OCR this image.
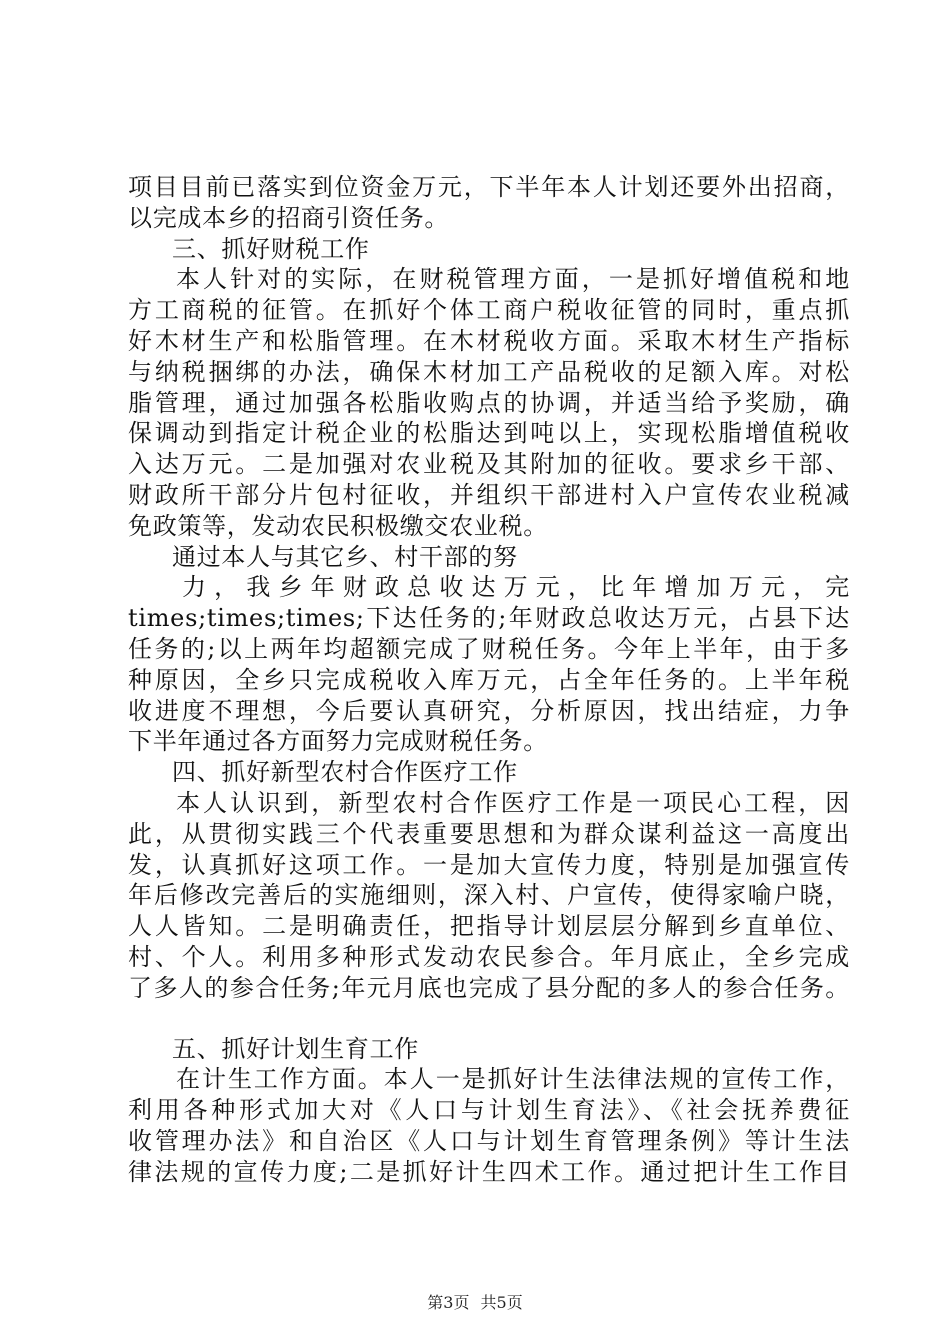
项目目前已落实到位资金万元，下半年本人计划还要外出招商，
以完成本乡的招商引资任务。
三、抓好财税工作
本人针对的实际，在财税管理方面，一是抓好增值税和地
方工商税的征管。在抓好个体工商户税收征管的同时，重点抓
好木材生产和松脂管理。在木材税收方面。采取木材生产指标
与纳税捆绑的办法，确保木材加工产品税收的足额入库。对松
脂管理，通过加强各松脂收购点的协调，并适当给予奖励，确
保调动到指定计税企业的松脂达到吨以上，实现松脂增值税收
入达万元。二是加强对农业税及其附加的征收。要求乡干部、
财政所干部分片包村征收，并组织干部进村入户宣传农业税减
免政策等，发动农民积极缴交农业税。
通过本人与其它乡、村干部的努
力，我乡年财政总收达万元，比年增加万元，完
times;times;times;下达任务的;年财政总收达万元，占县下达
任务的;以上两年均超额完成了财税任务。今年上半年，由于多
种原因，全乡只完成税收入库万元，占全年任务的。上半年税
收进度不理想，今后要认真研究，分析原因，找出结症，力争
下半年通过各方面努力完成财税任务。
四、抓好新型农村合作医疗工作
本人认识到，新型农村合作医疗工作是一项民心工程，因
此，从贯彻实践三个代表重要思想和为群众谋利益这一高度出
发，认真抓好这项工作。一是加大宣传力度，特别是加强宣传
年后修改完善后的实施细则，深入村、户宣传，使得家喻户晓，
人人皆知。二是明确责任，把指导计划层层分解到乡直单位、
村、个人。利用多种形式发动农民参合。年月底止，全乡完成
了多人的参合任务;年元月底也完成了县分配的多人的参合任务。
五、抓好计划生育工作
在计生工作方面。本人一是抓好计生法律法规的宣传工作，
利用各种形式加大对《人口与计划生育法》、《社会抚养费征
收管理办法》和自治区《人口与计划生育管理条例》等计生法
律法规的宣传力度;二是抓好计生四术工作。通过把计生工作目
第3页 共5页
